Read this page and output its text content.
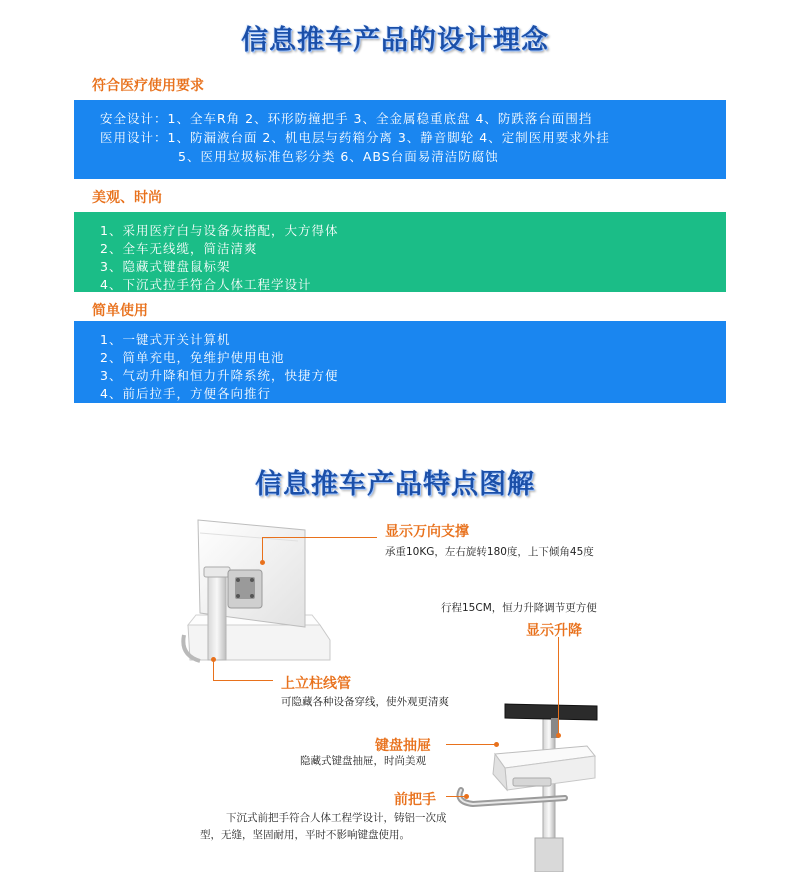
信息推车产品的设计理念
符合医疗使用要求
安全设计：1、全车R角 2、环形防撞把手 3、全金属稳重底盘 4、防跌落台面围挡
医用设计：1、防漏液台面 2、机电层与药箱分离 3、静音脚轮 4、定制医用要求外挂
5、医用垃圾标准色彩分类 6、ABS台面易清洁防腐蚀
美观、时尚
1、采用医疗白与设备灰搭配，大方得体
2、全车无线缆，简洁清爽
3、隐藏式键盘鼠标架
4、下沉式拉手符合人体工程学设计
简单使用
1、一键式开关计算机
2、简单充电，免维护使用电池
3、气动升降和恒力升降系统，快捷方便
4、前后拉手，方便各向推行
信息推车产品特点图解
显示万向支撑
承重10KG，左右旋转180度，上下倾角45度
行程15CM，恒力升降调节更方便
显示升降
上立柱线管
可隐藏各种设备穿线，使外观更清爽
键盘抽屉
隐藏式键盘抽屉，时尚美观
前把手
下沉式前把手符合人体工程学设计，铸铝一次成
型，无缝，坚固耐用，平时不影响键盘使用。
